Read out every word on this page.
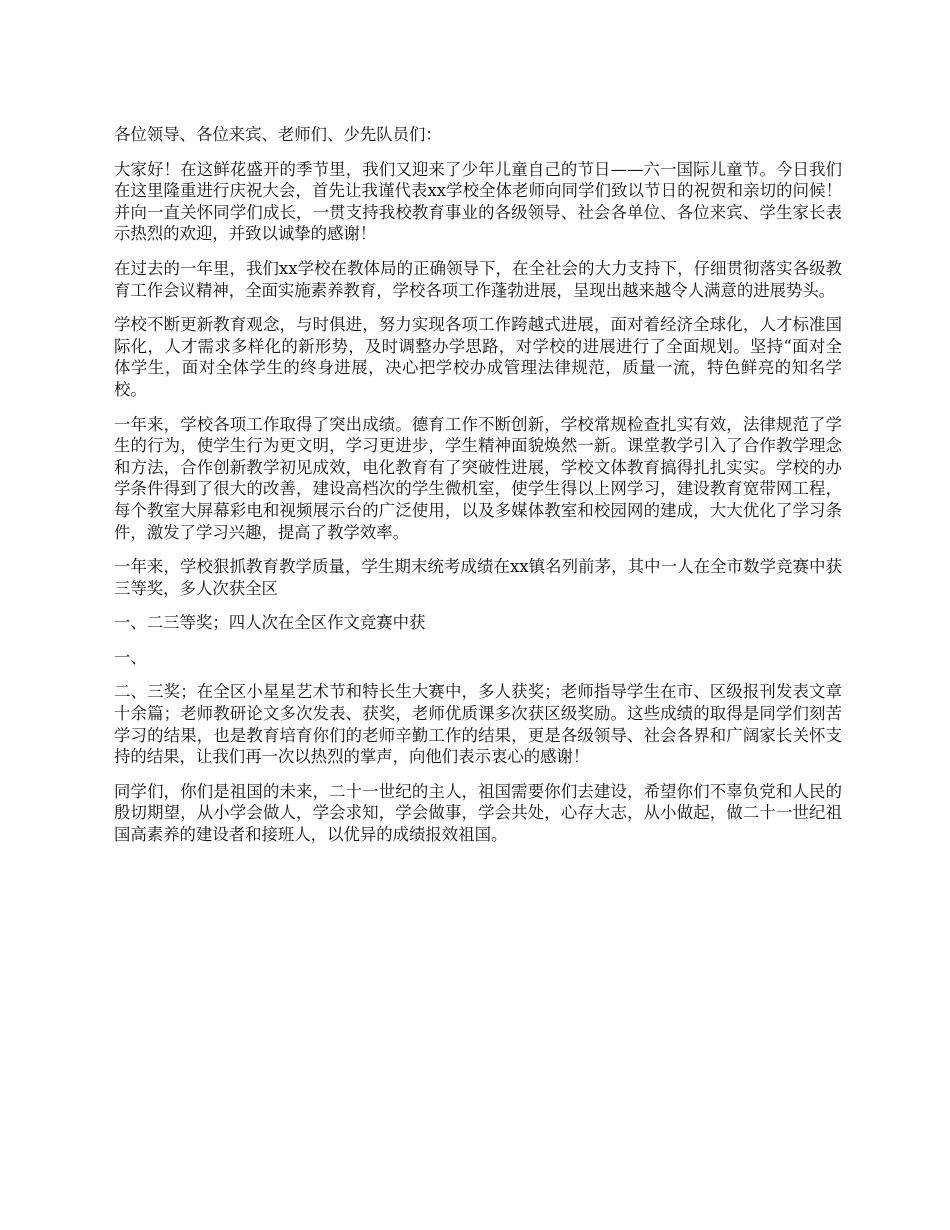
各位领导、各位来宾、老师们、少先队员们：

大家好！在这鲜花盛开的季节里，我们又迎来了少年儿童自己的节日——六一国际儿童节。今日我们在这里隆重进行庆祝大会，首先让我谨代表xx学校全体老师向同学们致以节日的祝贺和亲切的问候！并向一直关怀同学们成长，一贯支持我校教育事业的各级领导、社会各单位、各位来宾、学生家长表示热烈的欢迎，并致以诚挚的感谢！

在过去的一年里，我们xx学校在教体局的正确领导下，在全社会的大力支持下，仔细贯彻落实各级教育工作会议精神，全面实施素养教育，学校各项工作蓬勃进展，呈现出越来越令人满意的进展势头。

学校不断更新教育观念，与时俱进，努力实现各项工作跨越式进展，面对着经济全球化，人才标准国际化，人才需求多样化的新形势，及时调整办学思路，对学校的进展进行了全面规划。坚持“面对全体学生，面对全体学生的终身进展，决心把学校办成管理法律规范，质量一流，特色鲜亮的知名学校。

一年来，学校各项工作取得了突出成绩。德育工作不断创新，学校常规检查扎实有效，法律规范了学生的行为，使学生行为更文明，学习更进步，学生精神面貌焕然一新。课堂教学引入了合作教学理念和方法，合作创新教学初见成效，电化教育有了突破性进展，学校文体教育搞得扎扎实实。学校的办学条件得到了很大的改善，建设高档次的学生微机室，使学生得以上网学习，建设教育宽带网工程，每个教室大屏幕彩电和视频展示台的广泛使用，以及多媒体教室和校园网的建成，大大优化了学习条件，激发了学习兴趣，提高了教学效率。

一年来，学校狠抓教育教学质量，学生期末统考成绩在xx镇名列前茅，其中一人在全市数学竞赛中获三等奖，多人次获全区

一、二三等奖；四人次在全区作文竞赛中获

一、

二、三奖；在全区小星星艺术节和特长生大赛中，多人获奖；老师指导学生在市、区级报刊发表文章十余篇；老师教研论文多次发表、获奖，老师优质课多次获区级奖励。这些成绩的取得是同学们刻苦学习的结果，也是教育培育你们的老师辛勤工作的结果，更是各级领导、社会各界和广阔家长关怀支持的结果，让我们再一次以热烈的掌声，向他们表示衷心的感谢！

同学们，你们是祖国的未来，二十一世纪的主人，祖国需要你们去建设，希望你们不辜负党和人民的殷切期望，从小学会做人，学会求知，学会做事，学会共处，心存大志，从小做起，做二十一世纪祖国高素养的建设者和接班人，以优异的成绩报效祖国。
